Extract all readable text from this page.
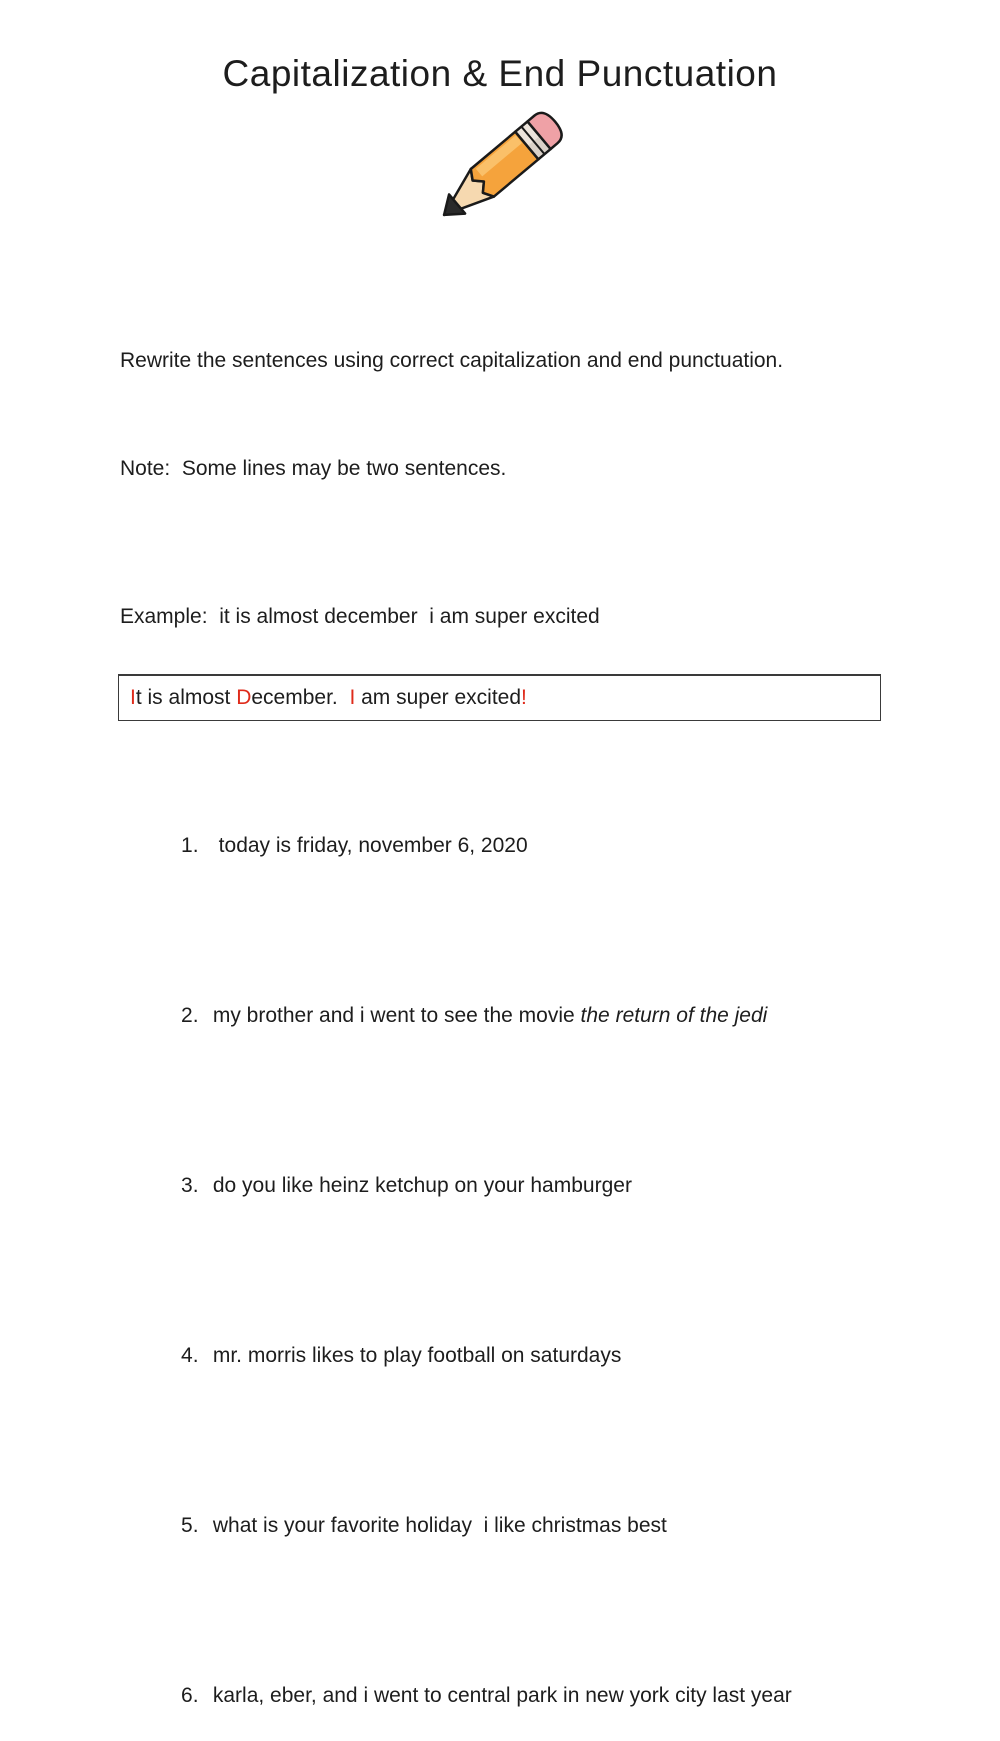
Capitalization & End Punctuation

Rewrite the sentences using correct capitalization and end punctuation.

Note:  Some lines may be two sentences.

Example:  it is almost december  i am super excited
It is almost December.  I am super excited!

1.  today is friday, november 6, 2020

2. my brother and i went to see the movie the return of the jedi

3. do you like heinz ketchup on your hamburger

4. mr. morris likes to play football on saturdays

5. what is your favorite holiday  i like christmas best

6. karla, eber, and i went to central park in new york city last year
